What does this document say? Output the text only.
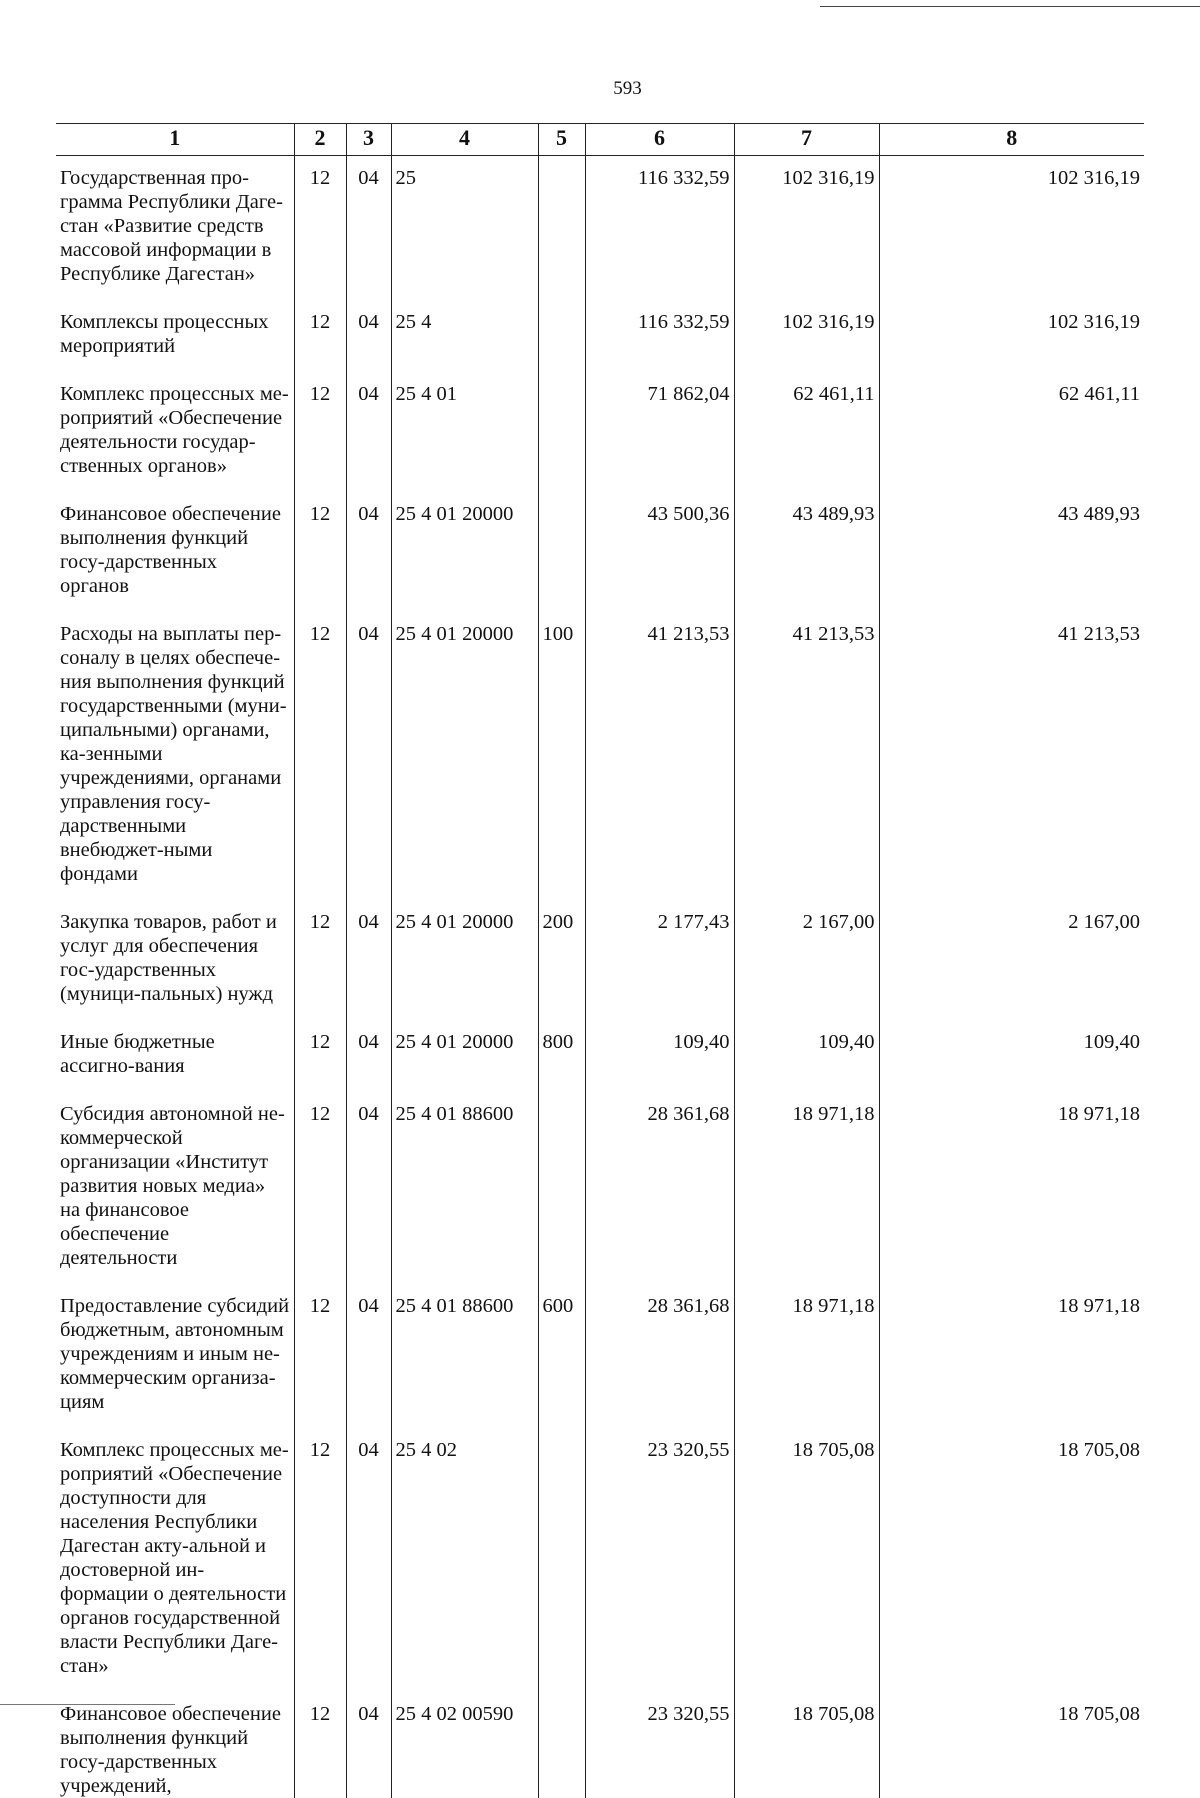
593
1	2	3	4	5	6	7	8
Государственная про-грамма Республики Даге-стан «Развитие средств массовой информации в Республике Дагестан»	12	04	25		116 332,59	102 316,19	102 316,19
Комплексы процессных мероприятий	12	04	25 4		116 332,59	102 316,19	102 316,19
Комплекс процессных ме-роприятий «Обеспечение деятельности государ-ственных органов»	12	04	25 4 01		71 862,04	62 461,11	62 461,11
Финансовое обеспечение выполнения функций госу-дарственных органов	12	04	25 4 01 20000		43 500,36	43 489,93	43 489,93
Расходы на выплаты пер-соналу в целях обеспече-ния выполнения функций государственными (муни-ципальными) органами, ка-зенными учреждениями, органами управления госу-дарственными внебюджет-ными фондами	12	04	25 4 01 20000	100	41 213,53	41 213,53	41 213,53
Закупка товаров, работ и услуг для обеспечения гос-ударственных (муници-пальных) нужд	12	04	25 4 01 20000	200	2 177,43	2 167,00	2 167,00
Иные бюджетные ассигно-вания	12	04	25 4 01 20000	800	109,40	109,40	109,40
Субсидия автономной не-коммерческой организации «Институт развития новых медиа» на финансовое обеспечение деятельности	12	04	25 4 01 88600		28 361,68	18 971,18	18 971,18
Предоставление субсидий бюджетным, автономным учреждениям и иным не-коммерческим организа-циям	12	04	25 4 01 88600	600	28 361,68	18 971,18	18 971,18
Комплекс процессных ме-роприятий «Обеспечение доступности для населения Республики Дагестан акту-альной и достоверной ин-формации о деятельности органов государственной власти Республики Даге-стан»	12	04	25 4 02		23 320,55	18 705,08	18 705,08
Финансовое обеспечение выполнения функций госу-дарственных учреждений,	12	04	25 4 02 00590		23 320,55	18 705,08	18 705,08
